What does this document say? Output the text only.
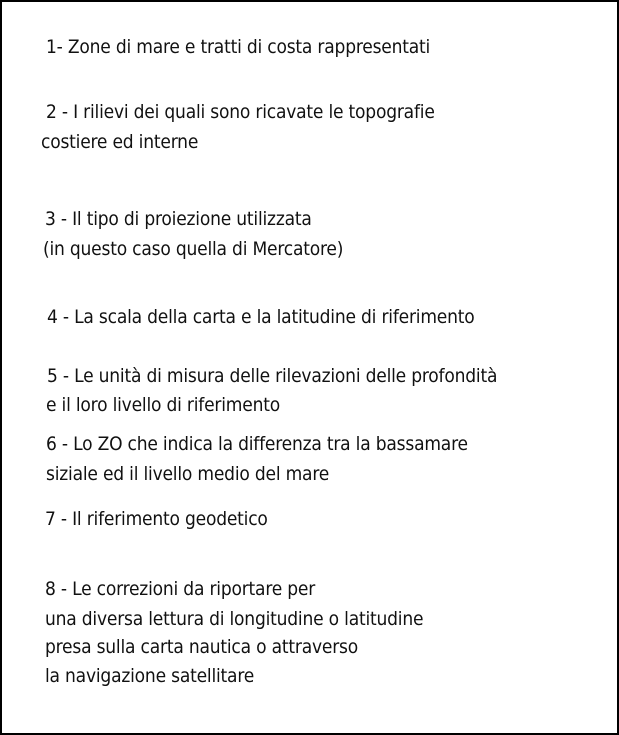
1- Zone di mare e tratti di costa rappresentati
2 - I rilievi dei quali sono ricavate le topografie
costiere ed interne
3 - Il tipo di proiezione utilizzata
(in questo caso quella di Mercatore)
4 - La scala della carta e la latitudine di riferimento
5 - Le unità di misura delle rilevazioni delle profondità
e il loro livello di riferimento
6 - Lo ZO che indica la differenza tra la bassamare
siziale ed il livello medio del mare
7 - Il riferimento geodetico
8 - Le correzioni da riportare per
una diversa lettura di longitudine o latitudine
presa sulla carta nautica o attraverso
la navigazione satellitare
